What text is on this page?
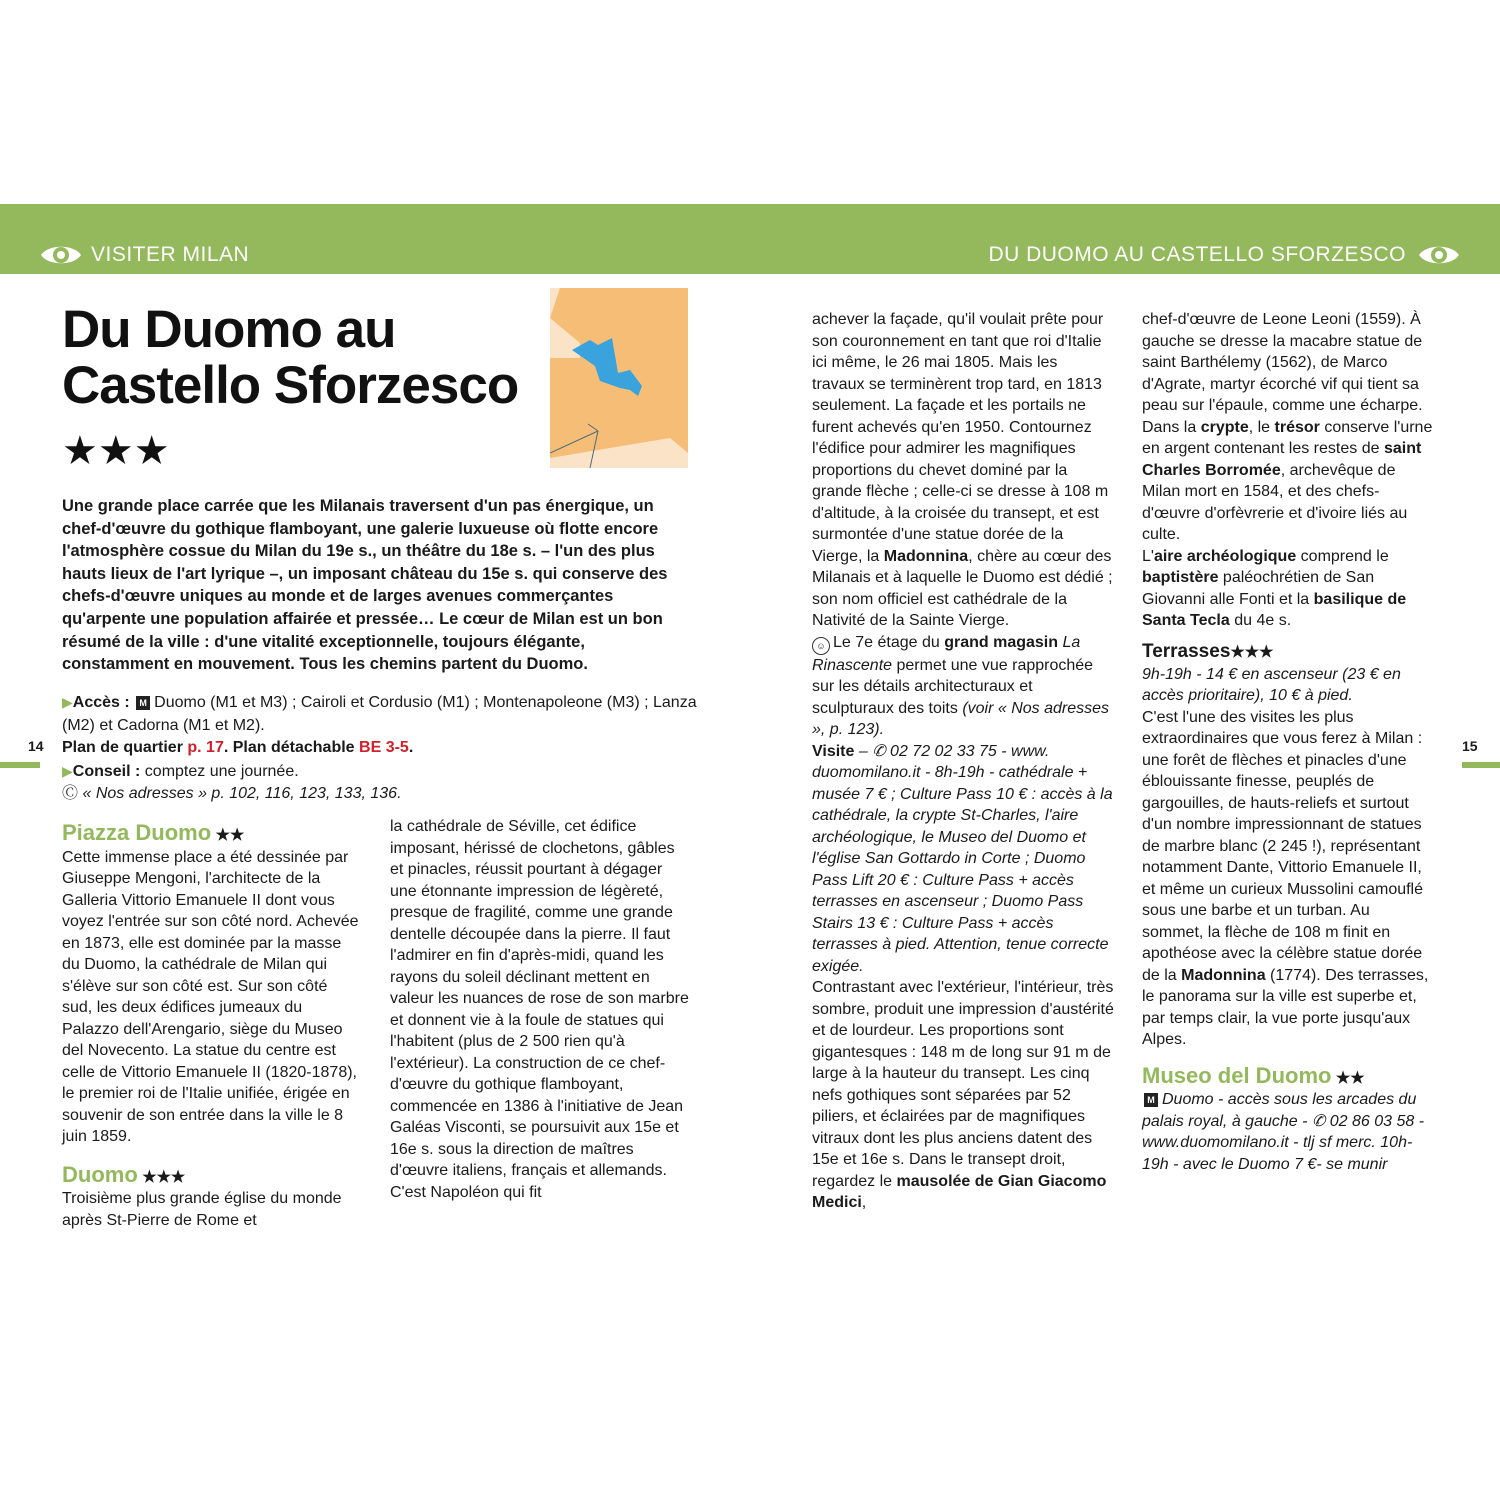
VISITER MILAN	DU DUOMO AU CASTELLO SFORZESCO
Du Duomo au
Castello Sforzesco
★★★
Une grande place carrée que les Milanais traversent d'un pas énergique, un chef-d'œuvre du gothique flamboyant, une galerie luxueuse où flotte encore l'atmosphère cossue du Milan du 19e s., un théâtre du 18e s. – l'un des plus hauts lieux de l'art lyrique –, un imposant château du 15e s. qui conserve des chefs-d'œuvre uniques au monde et de larges avenues commerçantes qu'arpente une population affairée et pressée… Le cœur de Milan est un bon résumé de la ville : d'une vitalité exceptionnelle, toujours élégante, constamment en mouvement. Tous les chemins partent du Duomo.
▶Accès : M Duomo (M1 et M3) ; Cairoli et Cordusio (M1) ; Montenapoleone (M3) ; Lanza (M2) et Cadorna (M1 et M2).
Plan de quartier p. 17. Plan détachable BE 3-5.
▶Conseil : comptez une journée.
Ⓒ « Nos adresses » p. 102, 116, 123, 133, 136.
14	15

Piazza Duomo ★★

Cette immense place a été dessinée par Giuseppe Mengoni, l'architecte de la Galleria Vittorio Emanuele II dont vous voyez l'entrée sur son côté nord. Achevée en 1873, elle est dominée par la masse du Duomo, la cathédrale de Milan qui s'élève sur son côté est. Sur son côté sud, les deux édifices jumeaux du Palazzo dell'Arengario, siège du Museo del Novecento. La statue du centre est celle de Vittorio Emanuele II (1820-1878), le premier roi de l'Italie unifiée, érigée en souvenir de son entrée dans la ville le 8 juin 1859.

Duomo ★★★

Troisième plus grande église du monde après St-Pierre de Rome et

la cathédrale de Séville, cet édifice imposant, hérissé de clochetons, gâbles et pinacles, réussit pourtant à dégager une étonnante impression de légèreté, presque de fragilité, comme une grande dentelle découpée dans la pierre. Il faut l'admirer en fin d'après-midi, quand les rayons du soleil déclinant mettent en valeur les nuances de rose de son marbre et donnent vie à la foule de statues qui l'habitent (plus de 2 500 rien qu'à l'extérieur). La construction de ce chef-d'œuvre du gothique flamboyant, commencée en 1386 à l'initiative de Jean Galéas Visconti, se poursuivit aux 15e et 16e s. sous la direction de maîtres d'œuvre italiens, français et allemands. C'est Napoléon qui fit

achever la façade, qu'il voulait prête pour son couronnement en tant que roi d'Italie ici même, le 26 mai 1805. Mais les travaux se terminèrent trop tard, en 1813 seulement. La façade et les portails ne furent achevés qu'en 1950. Contournez l'édifice pour admirer les magnifiques proportions du chevet dominé par la grande flèche ; celle-ci se dresse à 108 m d'altitude, à la croisée du transept, et est surmontée d'une statue dorée de la Vierge, la Madonnina, chère au cœur des Milanais et à laquelle le Duomo est dédié ; son nom officiel est cathédrale de la Nativité de la Sainte Vierge.

☺ Le 7e étage du grand magasin La Rinascente permet une vue rapprochée sur les détails architecturaux et sculpturaux des toits (voir « Nos adresses », p. 123).

Visite – ✆ 02 72 02 33 75 - www. duomomilano.it - 8h-19h - cathédrale + musée 7 € ; Culture Pass 10 € : accès à la cathédrale, la crypte St-Charles, l'aire archéologique, le Museo del Duomo et l'église San Gottardo in Corte ; Duomo Pass Lift 20 € : Culture Pass + accès terrasses en ascenseur ; Duomo Pass Stairs 13 € : Culture Pass + accès terrasses à pied. Attention, tenue correcte exigée.

Contrastant avec l'extérieur, l'intérieur, très sombre, produit une impression d'austérité et de lourdeur. Les proportions sont gigantesques : 148 m de long sur 91 m de large à la hauteur du transept. Les cinq nefs gothiques sont séparées par 52 piliers, et éclairées par de magnifiques vitraux dont les plus anciens datent des 15e et 16e s. Dans le transept droit, regardez le mausolée de Gian Giacomo Medici,

chef-d'œuvre de Leone Leoni (1559). À gauche se dresse la macabre statue de saint Barthélemy (1562), de Marco d'Agrate, martyr écorché vif qui tient sa peau sur l'épaule, comme une écharpe.

Dans la crypte, le trésor conserve l'urne en argent contenant les restes de saint Charles Borromée, archevêque de Milan mort en 1584, et des chefs-d'œuvre d'orfèvrerie et d'ivoire liés au culte.

L'aire archéologique comprend le baptistère paléochrétien de San Giovanni alle Fonti et la basilique de Santa Tecla du 4e s.

Terrasses★★★

9h-19h - 14 € en ascenseur (23 € en accès prioritaire), 10 € à pied.

C'est l'une des visites les plus extraordinaires que vous ferez à Milan : une forêt de flèches et pinacles d'une éblouissante finesse, peuplés de gargouilles, de hauts-reliefs et surtout d'un nombre impressionnant de statues de marbre blanc (2 245 !), représentant notamment Dante, Vittorio Emanuele II, et même un curieux Mussolini camouflé sous une barbe et un turban. Au sommet, la flèche de 108 m finit en apothéose avec la célèbre statue dorée de la Madonnina (1774). Des terrasses, le panorama sur la ville est superbe et, par temps clair, la vue porte jusqu'aux Alpes.

Museo del Duomo ★★

M Duomo - accès sous les arcades du palais royal, à gauche - ✆ 02 86 03 58 - www.duomomilano.it - tlj sf merc. 10h-19h - avec le Duomo 7 €- se munir
